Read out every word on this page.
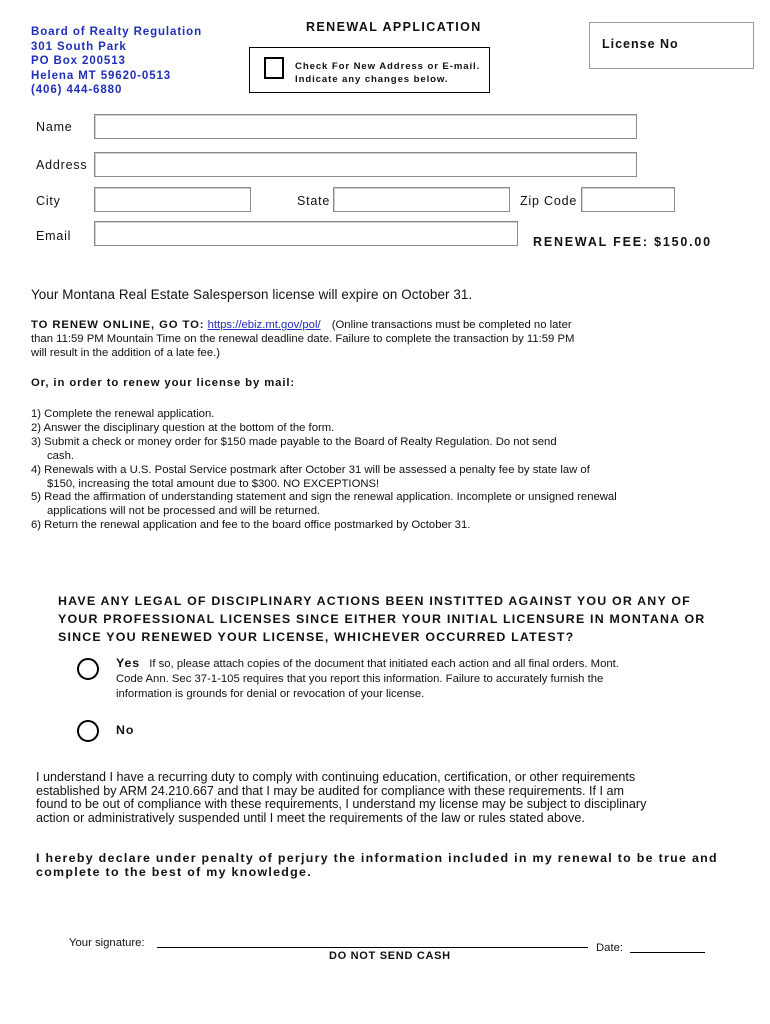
Board of Realty Regulation
301 South Park
PO Box 200513
Helena MT 59620-0513
(406) 444-6880
RENEWAL APPLICATION
Check For New Address or E-mail.
Indicate any changes below.
License No
Name
Address
City	State	Zip Code
Email	RENEWAL FEE: $150.00
Your Montana Real Estate Salesperson license will expire on October 31.
TO RENEW ONLINE, GO TO: https://ebiz.mt.gov/pol/ (Online transactions must be completed no later
than 11:59 PM Mountain Time on the renewal deadline date. Failure to complete the transaction by 11:59 PM
will result in the addition of a late fee.)
Or, in order to renew your license by mail:
1) Complete the renewal application.
2) Answer the disciplinary question at the bottom of the form.
3) Submit a check or money order for $150 made payable to the Board of Realty Regulation. Do not send
cash.
4) Renewals with a U.S. Postal Service postmark after October 31 will be assessed a penalty fee by state law of
$150, increasing the total amount due to $300. NO EXCEPTIONS!
5) Read the affirmation of understanding statement and sign the renewal application. Incomplete or unsigned renewal
applications will not be processed and will be returned.
6) Return the renewal application and fee to the board office postmarked by October 31.
HAVE ANY LEGAL OF DISCIPLINARY ACTIONS BEEN INSTITTED AGAINST YOU OR ANY OF
YOUR PROFESSIONAL LICENSES SINCE EITHER YOUR INITIAL LICENSURE IN MONTANA OR
SINCE YOU RENEWED YOUR LICENSE, WHICHEVER OCCURRED LATEST?
Yes If so, please attach copies of the document that initiated each action and all final orders. Mont.
Code Ann. Sec 37-1-105 requires that you report this information. Failure to accurately furnish the
information is grounds for denial or revocation of your license.
No
I understand I have a recurring duty to comply with continuing education, certification, or other requirements
established by ARM 24.210.667 and that I may be audited for compliance with these requirements. If I am
found to be out of compliance with these requirements, I understand my license may be subject to disciplinary
action or administratively suspended until I meet the requirements of the law or rules stated above.
I hereby declare under penalty of perjury the information included in my renewal to be true and
complete to the best of my knowledge.
Your signature:	Date:
DO NOT SEND CASH
